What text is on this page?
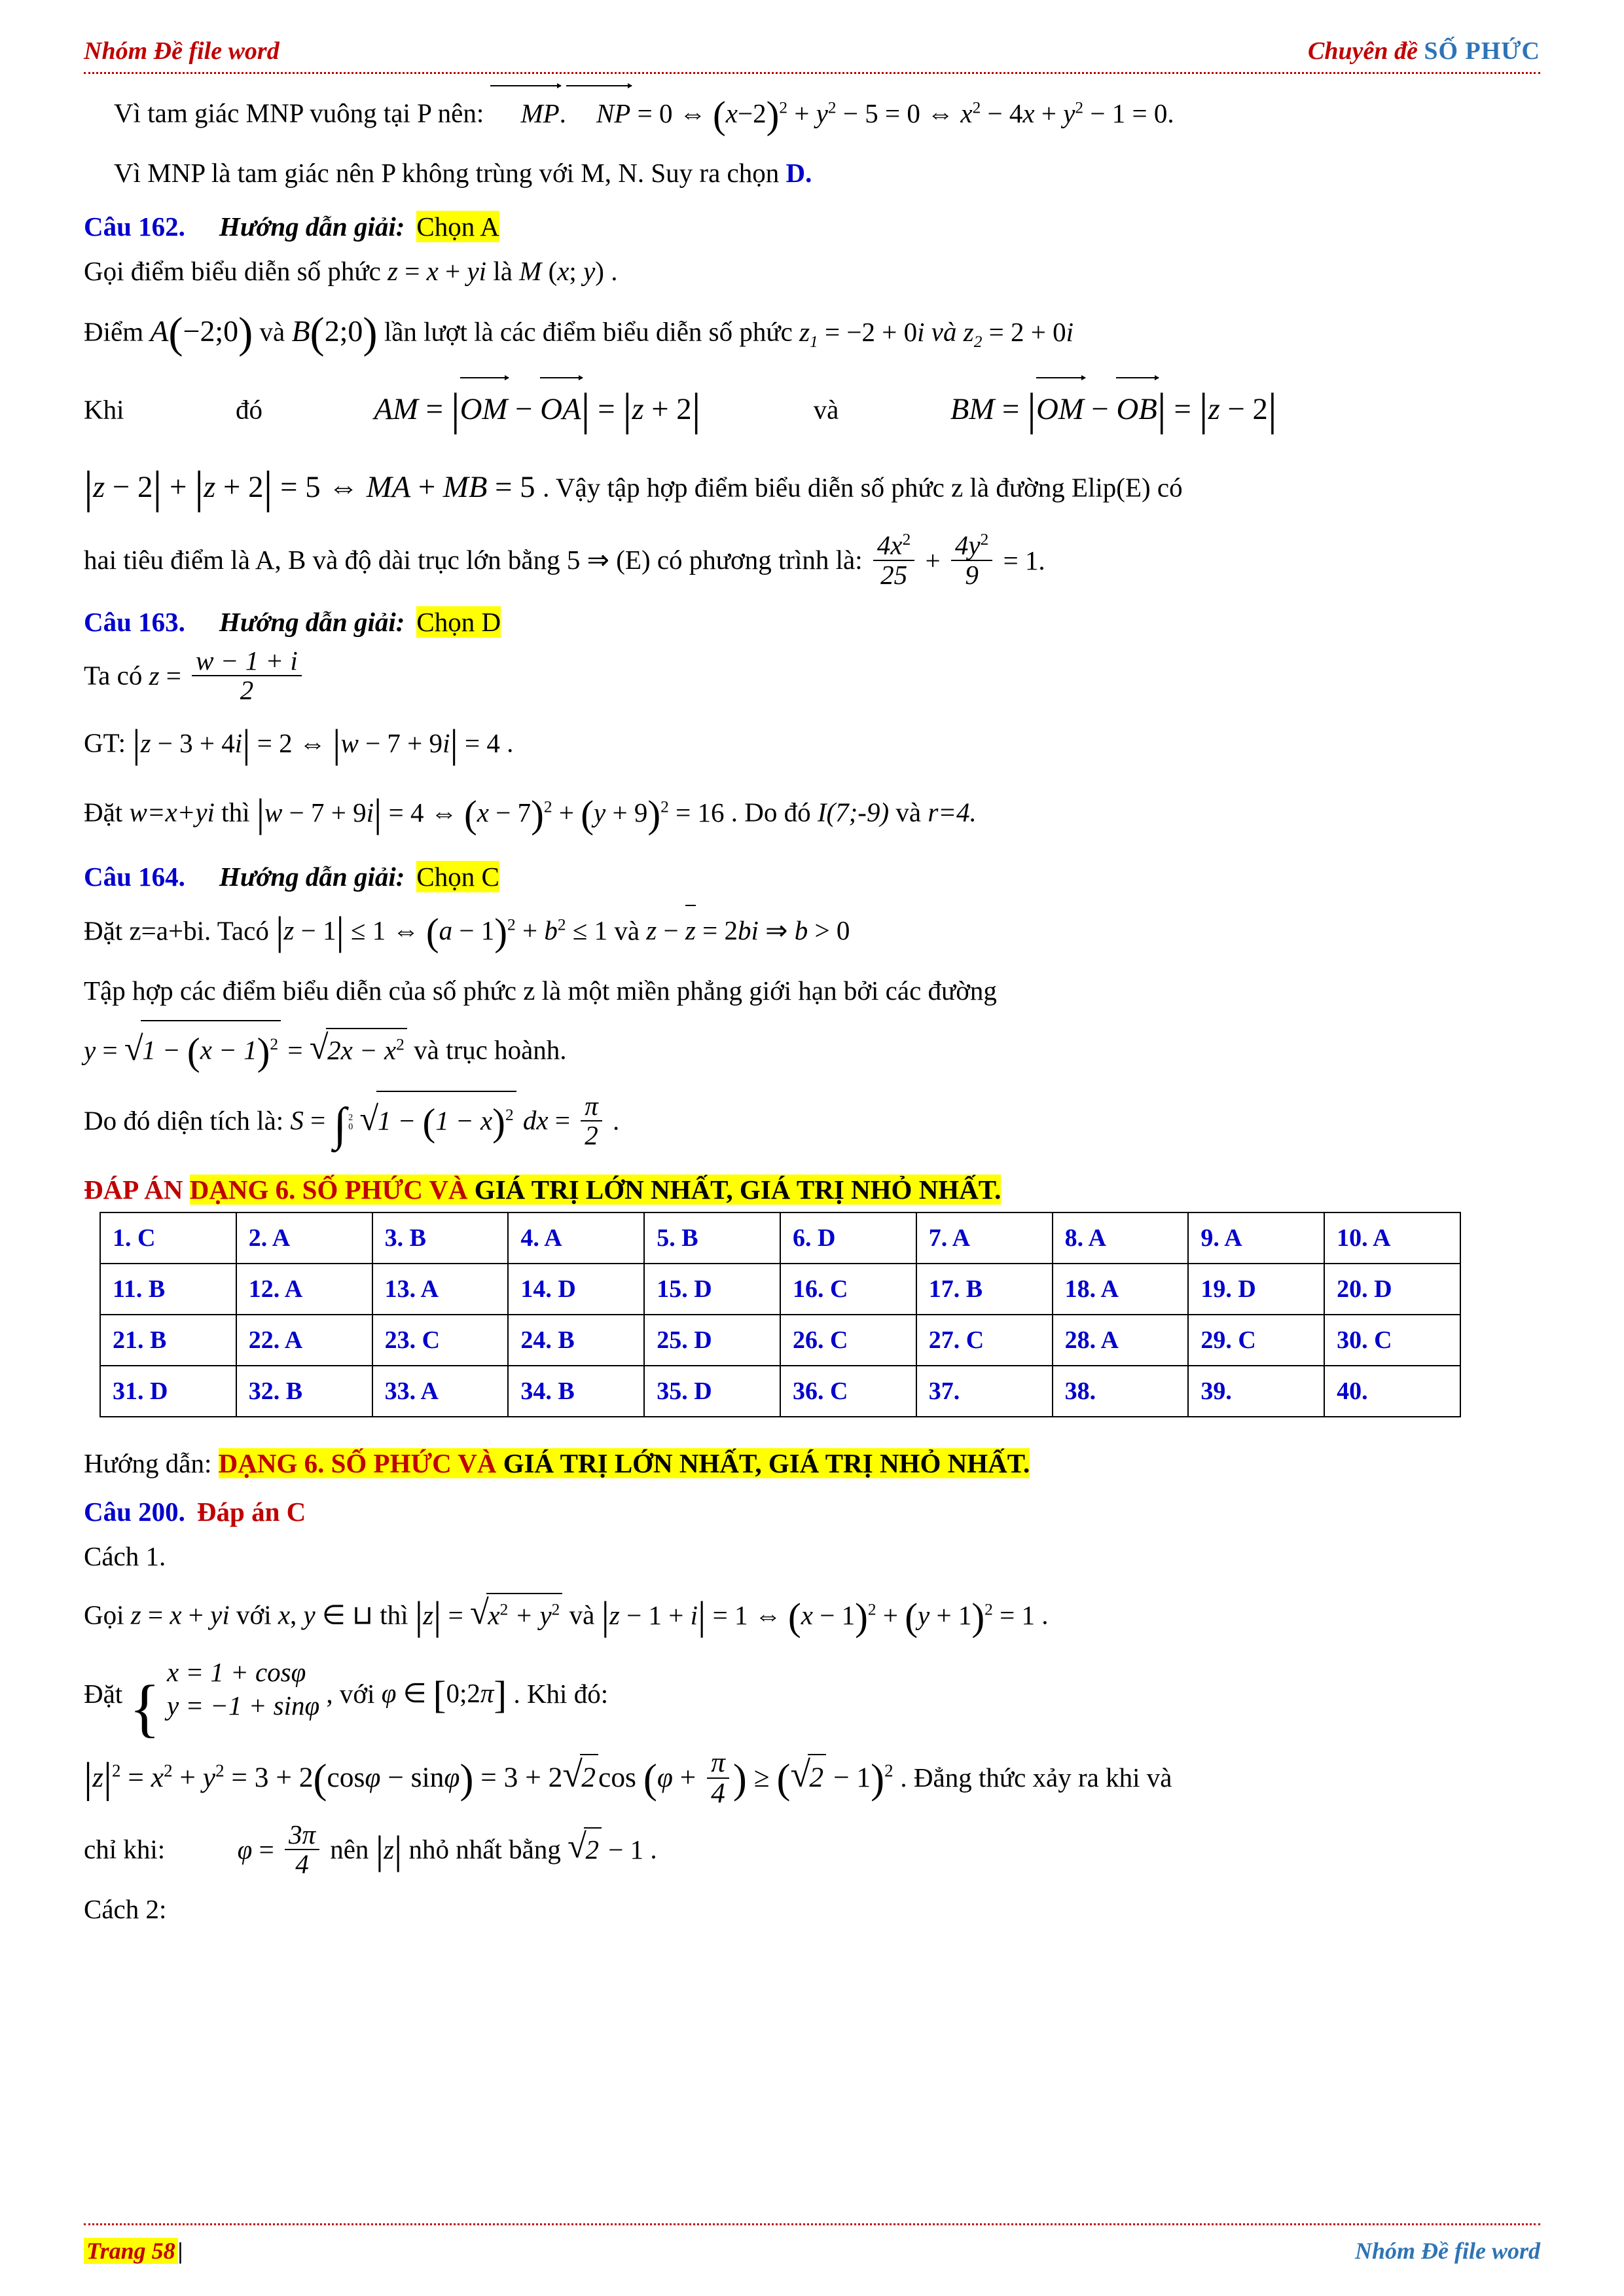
Nhóm Đề file word	Chuyên đề SỐ PHỨC
Vì tam giác MNP vuông tại P nên: MP. NP = 0 ⇔ $(x-2)^2 + y^2 - 5 = 0$ ⇔ $x^2 - 4x + y^2 - 1 = 0$.
Vì MNP là tam giác nên P không trùng với M, N. Suy ra chọn D.
Câu 162. Hướng dẫn giải: Chọn A
Gọi điểm biểu diễn số phức z = x + yi là M (x; y) .
Điểm A(−2;0) và B(2;0) lần lượt là các điểm biểu diễn số phức $z_1 = -2 + 0i$ và $z_2 = 2 + 0i$
Khi	đó	AM = |OM − OA| = |z + 2|	và	BM = |OM − OB| = |z − 2|
|z − 2| + |z + 2| = 5 ⇔ MA + MB = 5 . Vậy tập hợp điểm biểu diễn số phức z là đường Elip(E) có
hai tiêu điểm là A, B và độ dài trục lớn bằng 5 ⇒ (E) có phương trình là: $\frac{4x^2}{25} + \frac{4y^2}{9} = 1$.
Câu 163. Hướng dẫn giải: Chọn D
Ta có $z = \frac{w - 1 + i}{2}$
GT: |z − 3 + 4i| = 2 ⇔ |w − 7 + 9i| = 4 .
Đặt w=x+yi thì |w − 7 + 9i| = 4 ⇔ $(x - 7)^2 + (y + 9)^2 = 16$ . Do đó I(7;-9) và r=4.
Câu 164. Hướng dẫn giải: Chọn C
Đặt z=a+bi. Tacó |z − 1| ≤ 1 ⇔ $(a - 1)^2 + b^2 \le 1$ và z − z = 2bi ⇒ b > 0
Tập hợp các điểm biểu diễn của số phức z là một miền phẳng giới hạn bởi các đường
y = √
$1 - (x - 1)^2$ = √
$2x - x^2$ và trục hoành.
Do đó diện tích là: S = ∫ 2
0 √
$1 - (1 - x)^2$ dx = $\frac{\pi}{2}$ .
ĐÁP ÁN DẠNG 6. SỐ PHỨC VÀ GIÁ TRỊ LỚN NHẤT, GIÁ TRỊ NHỎ NHẤT.
1. C	2. A	3. B	4. A	5. B	6. D	7. A	8. A	9. A	10. A
11. B	12. A	13. A	14. D	15. D	16. C	17. B	18. A	19. D	20. D
21. B	22. A	23. C	24. B	25. D	26. C	27. C	28. A	29. C	30. C
31. D	32. B	33. A	34. B	35. D	36. C	37.	38.	39.	40.
Hướng dẫn: DẠNG 6. SỐ PHỨC VÀ GIÁ TRỊ LỚN NHẤT, GIÁ TRỊ NHỎ NHẤT.
Câu 200. Đáp án C
Cách 1.
Gọi z = x + yi với x, y ∈ ⊔ thì |z| = √
$x^2 + y^2$ và |z − 1 + i| = 1 ⇔ $(x - 1)^2 + (y + 1)^2 = 1$ .
Đặt {
x = 1 + cosφ
y = −1 + sinφ , với φ ∈ [0;2π] . Khi đó:
$|z|^2 = x^2 + y^2 = 3 + 2(\cos\varphi - \sin\varphi) = 3 + 2$ √
2cos ($\varphi + \frac{\pi}{4}$ ) ≥ ( √
2 − 1)$^2$ . Đẳng thức xảy ra khi và
chỉ khi:	$\varphi = \frac{3\pi}{4}$ nên |z| nhỏ nhất bằng √
2 − 1 .
Cách 2:
Trang 58 |	Nhóm Đề file word
